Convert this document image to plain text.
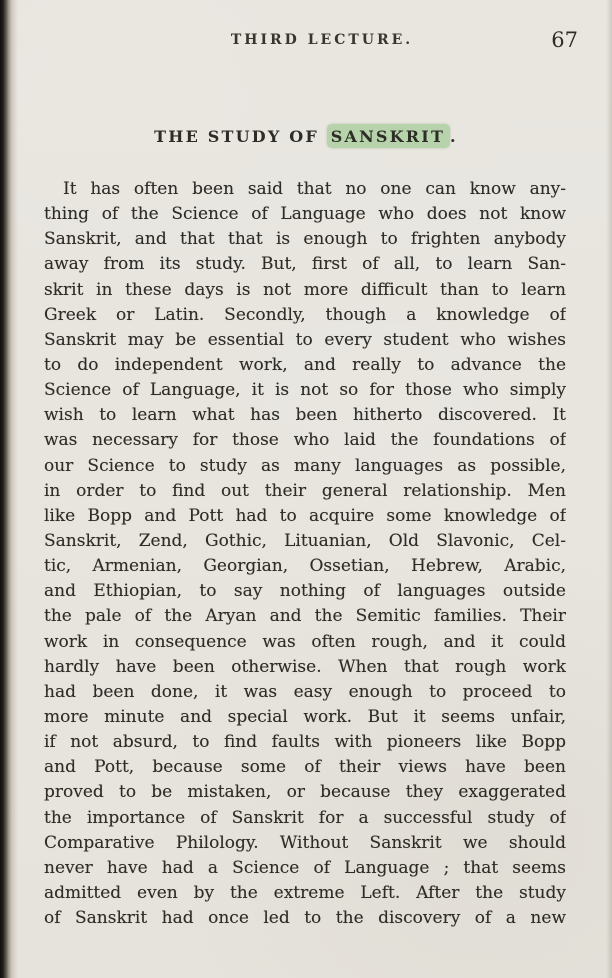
THIRD LECTURE.	67
THE STUDY OF SANSKRIT .
It has often been said that no one can know any-
thing of the Science of Language who does not know
Sanskrit, and that that is enough to frighten anybody
away from its study. But, first of all, to learn San-
skrit in these days is not more difficult than to learn
Greek or Latin. Secondly, though a knowledge of
Sanskrit may be essential to every student who wishes
to do independent work, and really to advance the
Science of Language, it is not so for those who simply
wish to learn what has been hitherto discovered. It
was necessary for those who laid the foundations of
our Science to study as many languages as possible,
in order to find out their general relationship. Men
like Bopp and Pott had to acquire some knowledge of
Sanskrit, Zend, Gothic, Lituanian, Old Slavonic, Cel-
tic, Armenian, Georgian, Ossetian, Hebrew, Arabic,
and Ethiopian, to say nothing of languages outside
the pale of the Aryan and the Semitic families. Their
work in consequence was often rough, and it could
hardly have been otherwise. When that rough work
had been done, it was easy enough to proceed to
more minute and special work. But it seems unfair,
if not absurd, to find faults with pioneers like Bopp
and Pott, because some of their views have been
proved to be mistaken, or because they exaggerated
the importance of Sanskrit for a successful study of
Comparative Philology. Without Sanskrit we should
never have had a Science of Language ; that seems
admitted even by the extreme Left. After the study
of Sanskrit had once led to the discovery of a new
